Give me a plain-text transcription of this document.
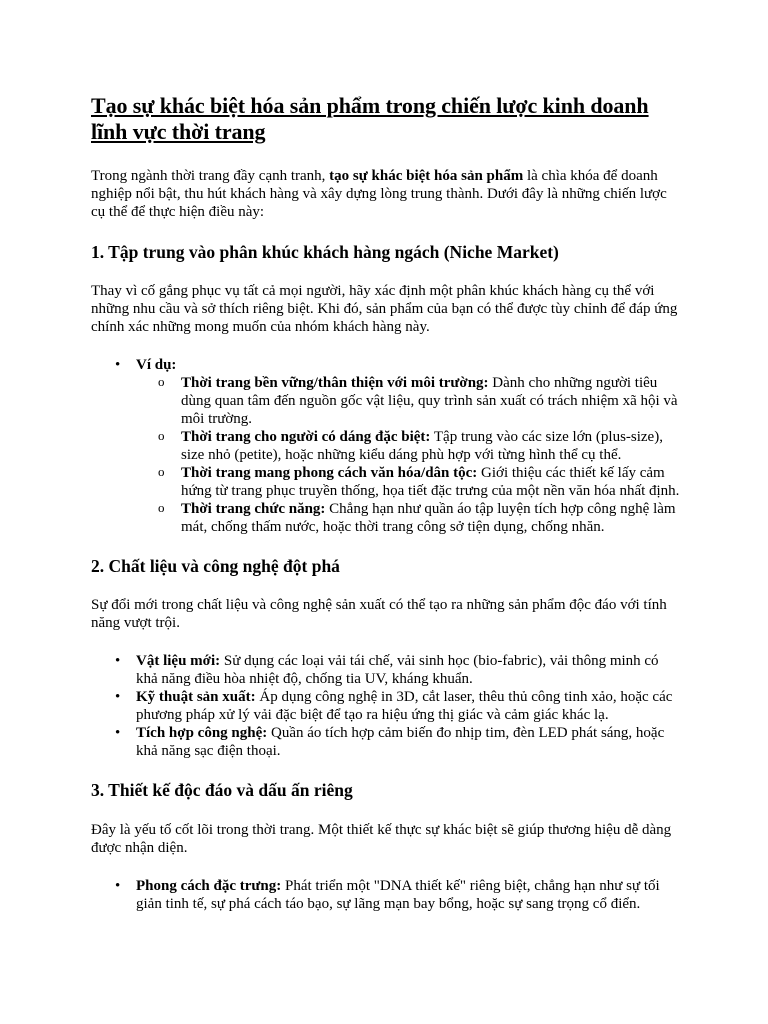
Tạo sự khác biệt hóa sản phẩm trong chiến lược kinh doanh lĩnh vực thời trang

Trong ngành thời trang đầy cạnh tranh, tạo sự khác biệt hóa sản phẩm là chìa khóa để doanh nghiệp nổi bật, thu hút khách hàng và xây dựng lòng trung thành. Dưới đây là những chiến lược cụ thể để thực hiện điều này:

1. Tập trung vào phân khúc khách hàng ngách (Niche Market)

Thay vì cố gắng phục vụ tất cả mọi người, hãy xác định một phân khúc khách hàng cụ thể với những nhu cầu và sở thích riêng biệt. Khi đó, sản phẩm của bạn có thể được tùy chỉnh để đáp ứng chính xác những mong muốn của nhóm khách hàng này.

• Ví dụ:
o Thời trang bền vững/thân thiện với môi trường: Dành cho những người tiêu dùng quan tâm đến nguồn gốc vật liệu, quy trình sản xuất có trách nhiệm xã hội và môi trường.
o Thời trang cho người có dáng đặc biệt: Tập trung vào các size lớn (plus-size), size nhỏ (petite), hoặc những kiểu dáng phù hợp với từng hình thể cụ thể.
o Thời trang mang phong cách văn hóa/dân tộc: Giới thiệu các thiết kế lấy cảm hứng từ trang phục truyền thống, họa tiết đặc trưng của một nền văn hóa nhất định.
o Thời trang chức năng: Chẳng hạn như quần áo tập luyện tích hợp công nghệ làm mát, chống thấm nước, hoặc thời trang công sở tiện dụng, chống nhăn.
2. Chất liệu và công nghệ đột phá

Sự đổi mới trong chất liệu và công nghệ sản xuất có thể tạo ra những sản phẩm độc đáo với tính năng vượt trội.

• Vật liệu mới: Sử dụng các loại vải tái chế, vải sinh học (bio-fabric), vải thông minh có khả năng điều hòa nhiệt độ, chống tia UV, kháng khuẩn.
• Kỹ thuật sản xuất: Áp dụng công nghệ in 3D, cắt laser, thêu thủ công tinh xảo, hoặc các phương pháp xử lý vải đặc biệt để tạo ra hiệu ứng thị giác và cảm giác khác lạ.
• Tích hợp công nghệ: Quần áo tích hợp cảm biến đo nhịp tim, đèn LED phát sáng, hoặc khả năng sạc điện thoại.
3. Thiết kế độc đáo và dấu ấn riêng

Đây là yếu tố cốt lõi trong thời trang. Một thiết kế thực sự khác biệt sẽ giúp thương hiệu dễ dàng được nhận diện.

• Phong cách đặc trưng: Phát triển một "DNA thiết kế" riêng biệt, chẳng hạn như sự tối giản tinh tế, sự phá cách táo bạo, sự lãng mạn bay bổng, hoặc sự sang trọng cổ điển.
